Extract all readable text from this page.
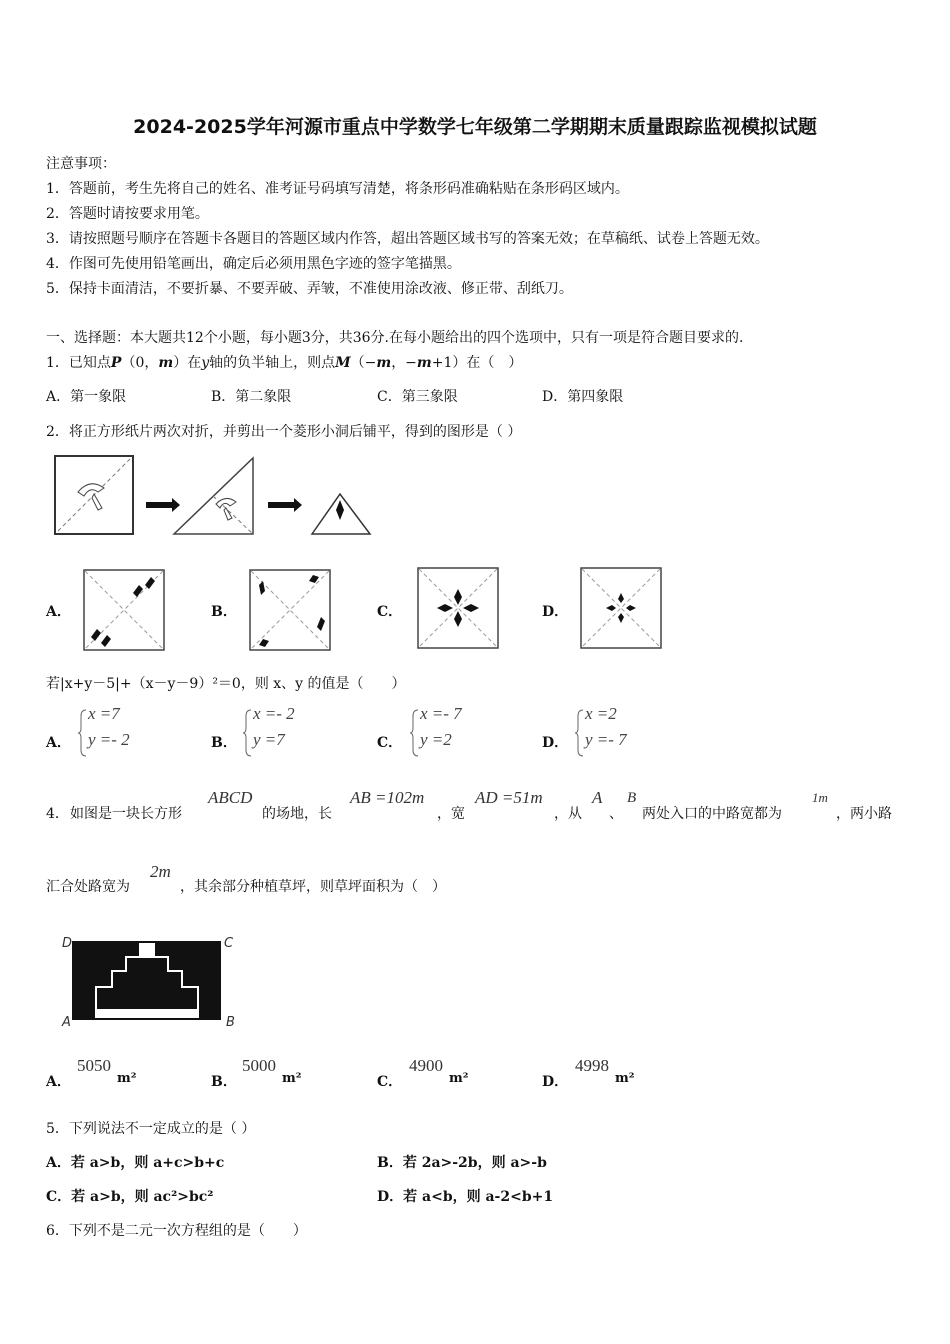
2024-2025学年河源市重点中学数学七年级第二学期期末质量跟踪监视模拟试题
注意事项：
1．答题前，考生先将自己的姓名、准考证号码填写清楚，将条形码准确粘贴在条形码区域内。
2．答题时请按要求用笔。
3．请按照题号顺序在答题卡各题目的答题区域内作答，超出答题区域书写的答案无效；在草稿纸、试卷上答题无效。
4．作图可先使用铅笔画出，确定后必须用黑色字迹的签字笔描黑。
5．保持卡面清洁，不要折暴、不要弄破、弄皱，不准使用涂改液、修正带、刮纸刀。
一、选择题：本大题共12个小题，每小题3分，共36分.在每小题给出的四个选项中，只有一项是符合题目要求的.
1．已知点P（0，m）在y轴的负半轴上，则点M（−m，−m+1）在（　）
A．第一象限	B．第二象限	C．第三象限	D．第四象限
2．将正方形纸片两次对折，并剪出一个菱形小洞后铺平，得到的图形是（ ）
A．	B．	C．	D．
若|x+y－5|+（x－y－9）²＝0，则 x、y 的值是（　　）
A．
x =7
y =- 2	B．
x =- 2
y =7	C．
x =- 7
y =2	D．
x =2
y =- 7
4． 如图是一块长方形
ABCD
的场地，长
AB =102m
，宽
AD =51m
，从
A
、
B
两处入口的中路宽都为
1m
，两小路
汇合处路宽为
2m
，其余部分种植草坪，则草坪面积为（　）
D	C
A	B
A．
5050
m²	B．
5000
m²	C．
4900
m²	D．
4998
m²
5．下列说法不一定成立的是（ ）
A．若 a>b，则 a+c>b+c	B．若 2a>-2b，则 a>-b
C．若 a>b，则 ac²>bc²	D．若 a<b，则 a-2<b+1
6．下列不是二元一次方程组的是（　　）
